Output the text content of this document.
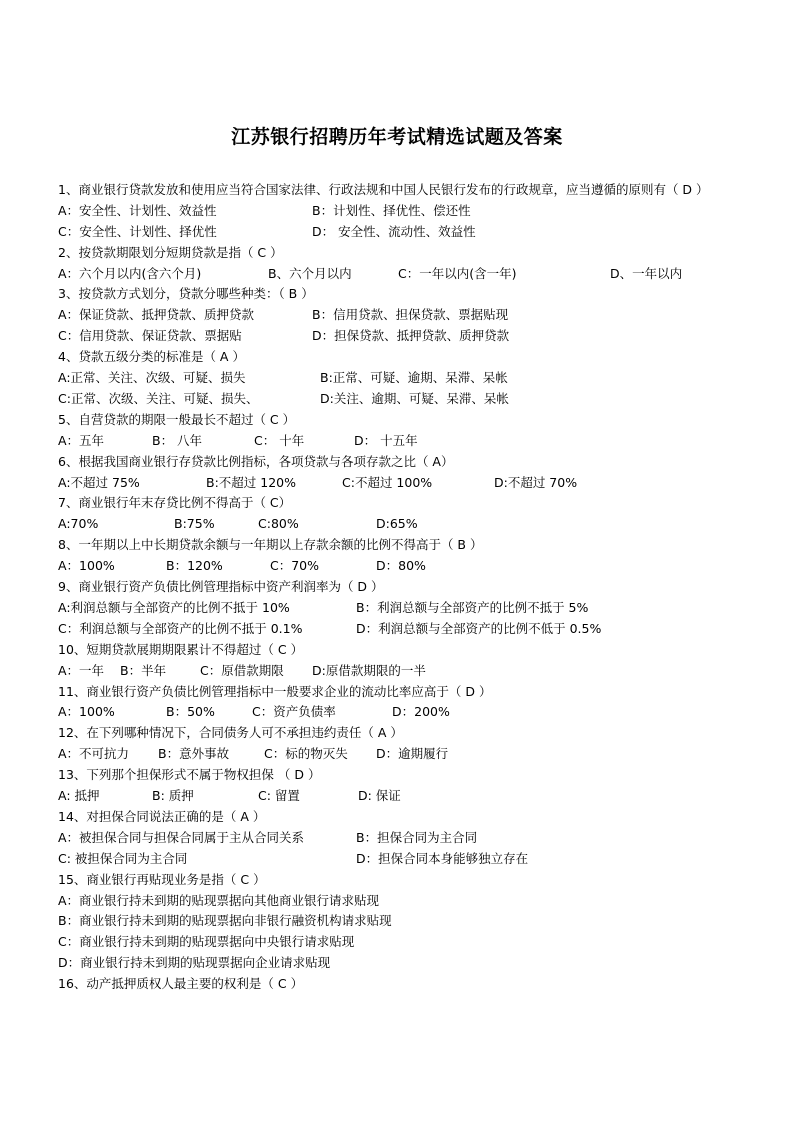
江苏银行招聘历年考试精选试题及答案
1、商业银行贷款发放和使用应当符合国家法律、行政法规和中国人民银行发布的行政规章，应当遵循的原则有（ D ）
A：安全性、计划性、效益性	B：计划性、择优性、偿还性
C：安全性、计划性、择优性	D： 安全性、流动性、效益性
2、按贷款期限划分短期贷款是指（ C ）
A：六个月以内(含六个月)	B、六个月以内	C：一年以内(含一年)	D、一年以内
3、按贷款方式划分，贷款分哪些种类：（ B ）
A：保证贷款、抵押贷款、质押贷款	B：信用贷款、担保贷款、票据贴现
C：信用贷款、保证贷款、票据贴	D：担保贷款、抵押贷款、质押贷款
4、贷款五级分类的标准是（ A ）
A:正常、关注、次级、可疑、损失	B:正常、可疑、逾期、呆滞、呆帐
C:正常、次级、关注、可疑、损失、	D:关注、逾期、可疑、呆滞、呆帐
5、自营贷款的期限一般最长不超过（ C ）
A：五年	B： 八年	C： 十年	D： 十五年
6、根据我国商业银行存贷款比例指标，各项贷款与各项存款之比（ A）
A:不超过 75%	B:不超过 120%	C:不超过 100%	D:不超过 70%
7、商业银行年末存贷比例不得高于（ C）
A:70%	B:75%	C:80%	D:65%
8、一年期以上中长期贷款余额与一年期以上存款余额的比例不得高于（ B ）
A：100%	B：120%	C：70%	D：80%
9、商业银行资产负债比例管理指标中资产利润率为（ D ）
A:利润总额与全部资产的比例不抵于 10%	B：利润总额与全部资产的比例不抵于 5%
C：利润总额与全部资产的比例不抵于 0.1%	D：利润总额与全部资产的比例不低于 0.5%
10、短期贷款展期期限累计不得超过（ C ）
A：一年 B：半年	C：原借款期限 D:原借款期限的一半
11、商业银行资产负债比例管理指标中一般要求企业的流动比率应高于（ D ）
A：100%	B：50%	C：资产负债率	D：200%
12、在下列哪种情况下，合同债务人可不承担违约责任（ A ）
A：不可抗力 B：意外事故	C：标的物灭失 D：逾期履行
13、下列那个担保形式不属于物权担保 （ D ）
A: 抵押	B: 质押	C: 留置	D: 保证
14、对担保合同说法正确的是（ A ）
A：被担保合同与担保合同属于主从合同关系	B：担保合同为主合同
C: 被担保合同为主合同	D：担保合同本身能够独立存在
15、商业银行再贴现业务是指（ C ）
A：商业银行持未到期的贴现票据向其他商业银行请求贴现
B：商业银行持未到期的贴现票据向非银行融资机构请求贴现
C：商业银行持未到期的贴现票据向中央银行请求贴现
D：商业银行持未到期的贴现票据向企业请求贴现
16、动产抵押质权人最主要的权利是（ C ）
